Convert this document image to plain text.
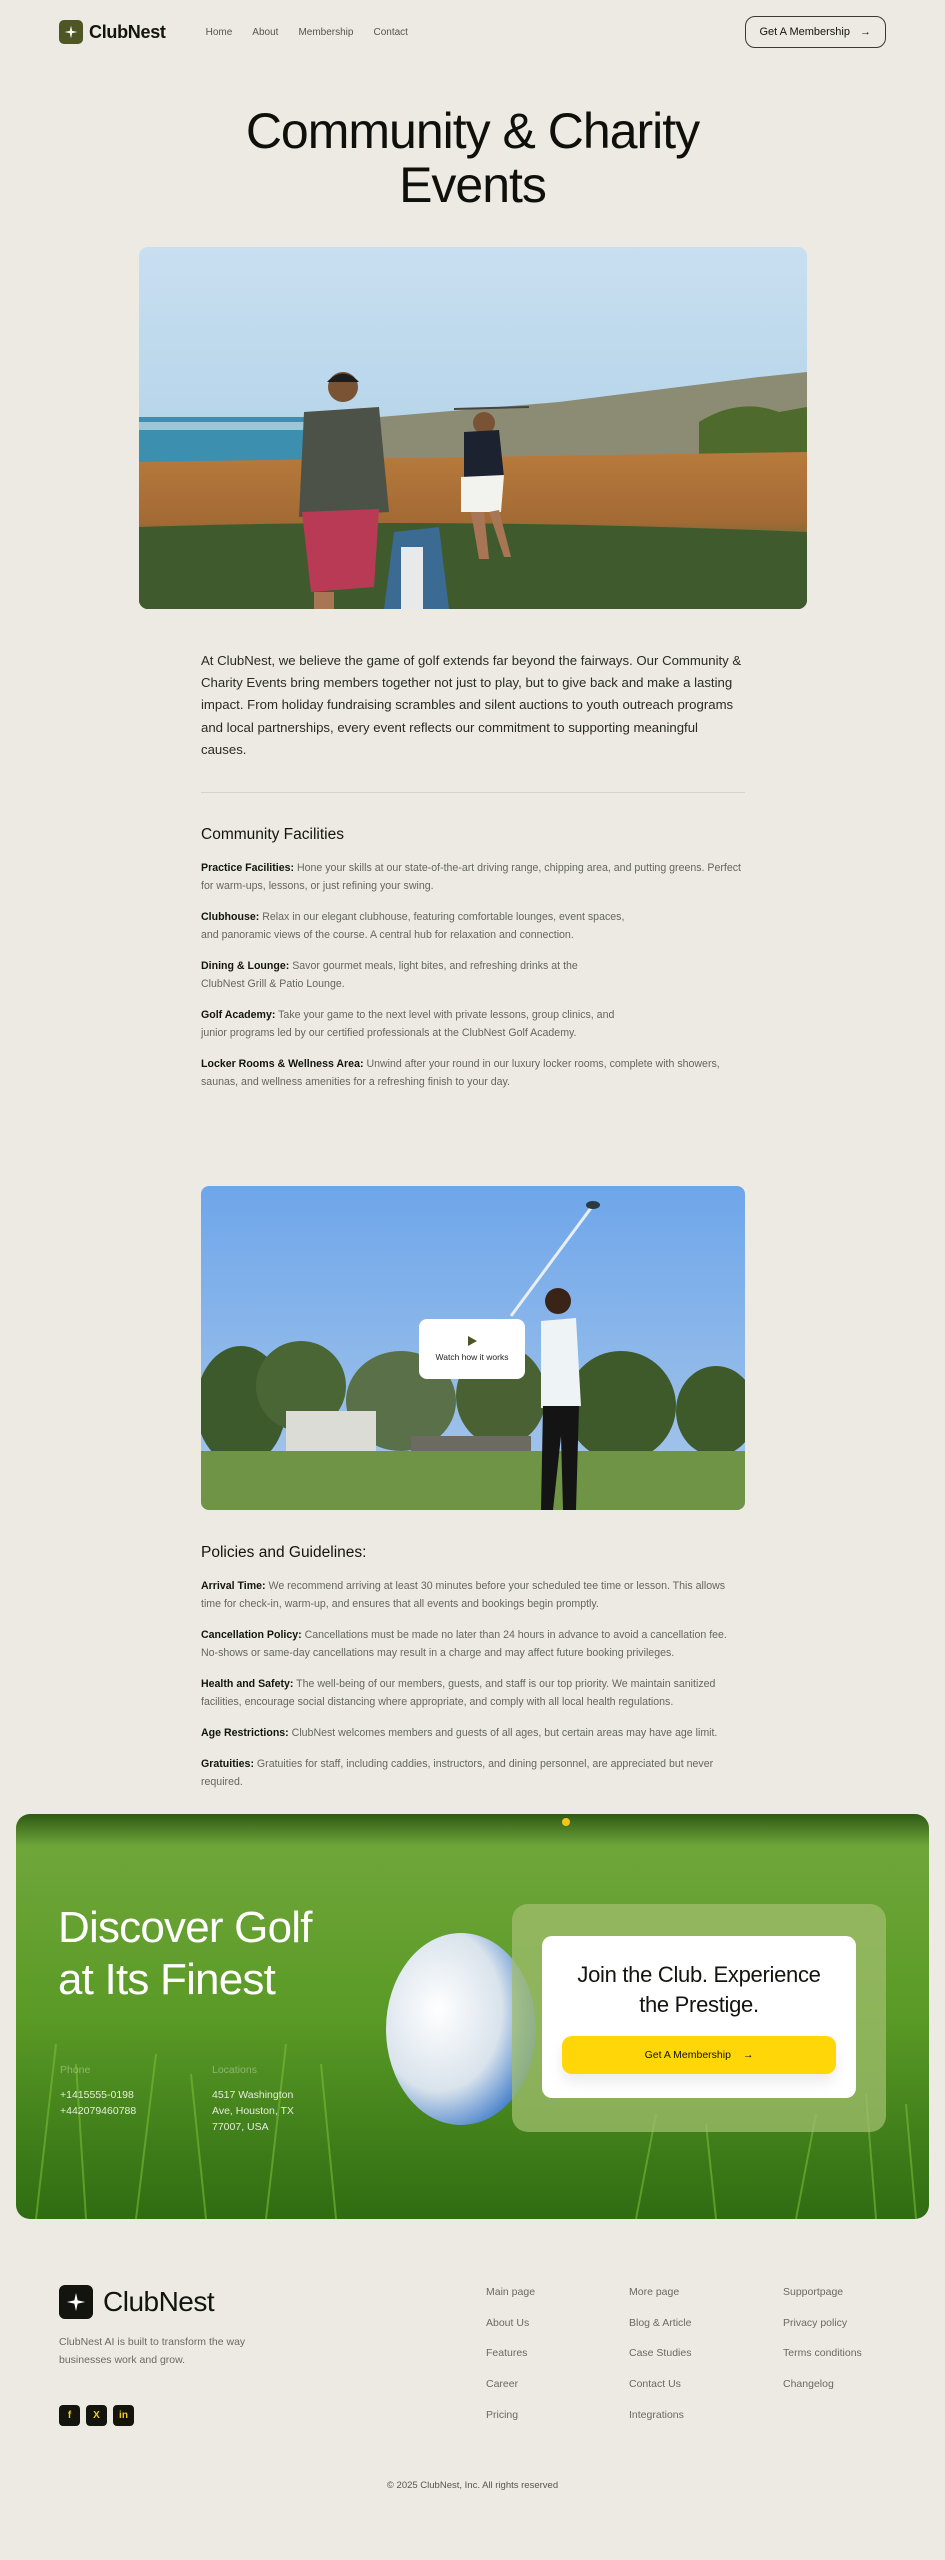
ClubNest	Home About Membership Contact	Get A Membership →
Community & Charity
Events

At ClubNest, we believe the game of golf extends far beyond the fairways. Our Community & Charity Events bring members together not just to play, but to give back and make a lasting impact. From holiday fundraising scrambles and silent auctions to youth outreach programs and local partnerships, every event reflects our commitment to supporting meaningful causes.

Community Facilities

Practice Facilities: Hone your skills at our state-of-the-art driving range, chipping area, and putting greens. Perfect for warm-ups, lessons, or just refining your swing.

Clubhouse: Relax in our elegant clubhouse, featuring comfortable lounges, event spaces, and panoramic views of the course. A central hub for relaxation and connection.

Dining & Lounge: Savor gourmet meals, light bites, and refreshing drinks at the ClubNest Grill & Patio Lounge.

Golf Academy: Take your game to the next level with private lessons, group clinics, and junior programs led by our certified professionals at the ClubNest Golf Academy.

Locker Rooms & Wellness Area: Unwind after your round in our luxury locker rooms, complete with showers, saunas, and wellness amenities for a refreshing finish to your day.

Watch how it works
Policies and Guidelines:

Arrival Time: We recommend arriving at least 30 minutes before your scheduled tee time or lesson. This allows time for check-in, warm-up, and ensures that all events and bookings begin promptly.

Cancellation Policy: Cancellations must be made no later than 24 hours in advance to avoid a cancellation fee. No-shows or same-day cancellations may result in a charge and may affect future booking privileges.

Health and Safety: The well-being of our members, guests, and staff is our top priority. We maintain sanitized facilities, encourage social distancing where appropriate, and comply with all local health regulations.

Age Restrictions: ClubNest welcomes members and guests of all ages, but certain areas may have age limit.

Gratuities: Gratuities for staff, including caddies, instructors, and dining personnel, are appreciated but never required.

Discover Golf
at Its Finest
Phone
+1415555-0198
+442079460788
Locations
4517 Washington
Ave, Houston, TX
77007, USA
Join the Club. Experience
the Prestige.
Get A Membership →
ClubNest

ClubNest AI is built to transform the way businesses work and grow.

f	X	in
Main page
About Us
Features
Career
Pricing
More page
Blog & Article
Case Studies
Contact Us
Integrations
Supportpage
Privacy policy
Terms conditions
Changelog

© 2025 ClubNest, Inc. All rights reserved
